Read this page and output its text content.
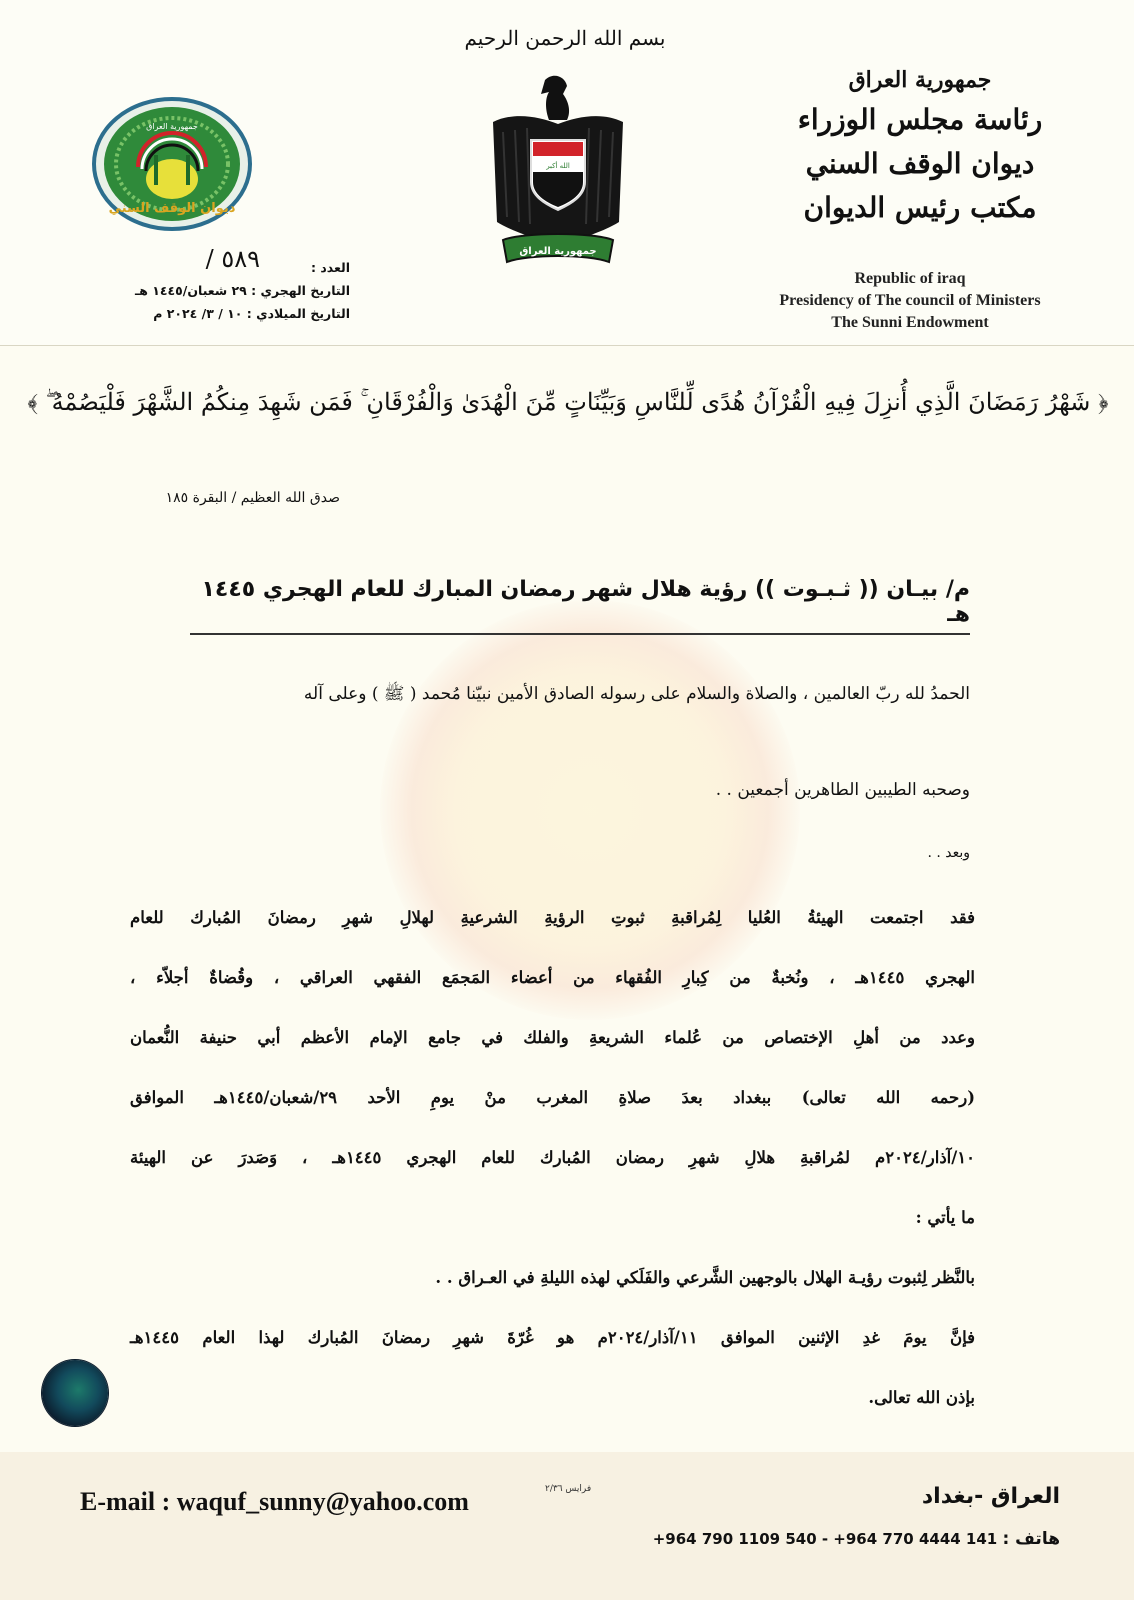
بسم الله الرحمن الرحيم
جمهورية العراق
رئاسة مجلس الوزراء
ديوان الوقف السني
مكتب رئيس الديوان
Republic of iraq
Presidency of The council of Ministers
The Sunni Endowment
الله أكبر
جمهورية العراق
جمهورية العراق
ديوان الوقف السني
٥٨٩ /	العدد :
التاريخ الهجري : ٢٩ شعبان/١٤٤٥ هـ
التاريخ الميلادي : ١٠ / ٣/ ٢٠٢٤ م
﴿ شَهْرُ رَمَضَانَ الَّذِي أُنزِلَ فِيهِ الْقُرْآنُ هُدًى لِّلنَّاسِ وَبَيِّنَاتٍ مِّنَ الْهُدَىٰ وَالْفُرْقَانِ ۚ فَمَن شَهِدَ مِنكُمُ الشَّهْرَ فَلْيَصُمْهُ ۖ ﴾
صدق الله العظيم / البقرة ١٨٥
م/ بيـان (( ثـبـوت )) رؤية هلال شهر رمضان المبارك للعام الهجري ١٤٤٥ هـ
الحمدُ لله ربّ العالمين ، والصلاة والسلام على رسوله الصادق الأمين نبيّنا مُحمد ( ﷺ ) وعلى آله
وصحبه الطيبين الطاهرين أجمعين . .
وبعد . .
فقد اجتمعت الهيئةُ العُليا لِمُراقبةِ ثبوتِ الرؤيةِ الشرعيةِ لهلالِ شهرِ رمضانَ المُبارك للعام
الهجري ١٤٤٥هـ ، ونُخبةٌ من كِبارِ الفُقهاء من أعضاء المَجمَع الفقهي العراقي ، وقُضاةٌ أجلاّء ،
وعدد من أهلِ الإختصاص من عُلماء الشريعةِ والفلك في جامع الإمام الأعظم أبي حنيفة النُّعمان
(رحمه الله تعالى) ببغداد بعدَ صلاةِ المغرب منْ يومِ الأحد ٢٩/شعبان/١٤٤٥هـ الموافق
١٠/آذار/٢٠٢٤م لمُراقبةِ هلالِ شهرِ رمضان المُبارك للعام الهجري ١٤٤٥هـ ، وَصَدرَ عن الهيئة
ما يأتي :
بالنَّظر لِثبوت رؤيـة الهلال بالوجهين الشَّرعي والفَلَكي لهذه الليلةِ في العـراق . .
فإنَّ يومَ غدِ الإثنين الموافق ١١/آذار/٢٠٢٤م هو غُرّةَ شهرِ رمضانَ المُبارك لهذا العام ١٤٤٥هـ
بإذن الله تعالى.
E-mail : waquf_sunny@yahoo.com	فرايس ٢/٣٦	العراق -بغداد
هاتف : +964 790 1109 540 - +964 770 4444 141
